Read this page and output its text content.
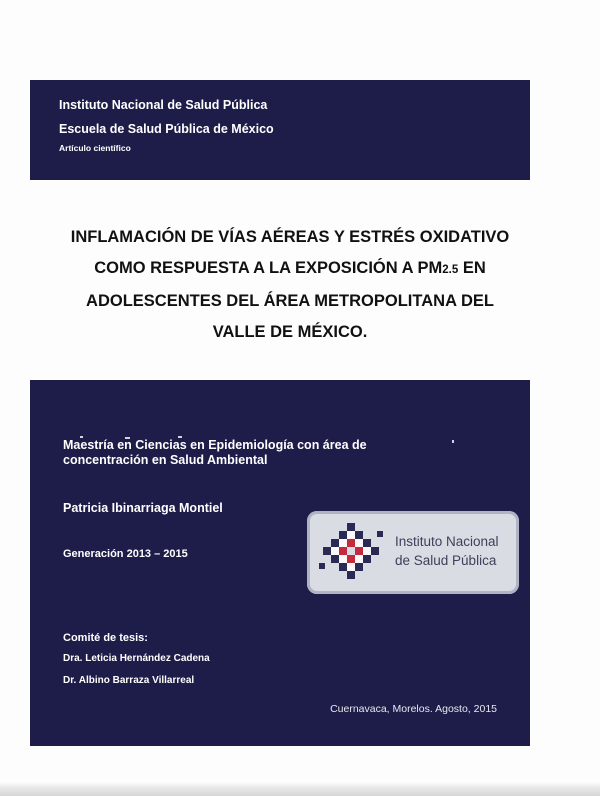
Instituto Nacional de Salud Pública
Escuela de Salud Pública de México
Artículo científico
INFLAMACIÓN DE VÍAS AÉREAS Y ESTRÉS OXIDATIVO
COMO RESPUESTA A LA EXPOSICIÓN A PM2.5 EN
ADOLESCENTES DEL ÁREA METROPOLITANA DEL
VALLE DE MÉXICO.
Maestría en Ciencias en Epidemiología con área de
concentración en Salud Ambiental
Patricia Ibinarriaga Montiel
Generación 2013 – 2015
Instituto Nacional
de Salud Pública
Comité de tesis:
Dra. Leticia Hernández Cadena
Dr. Albino Barraza Villarreal
Cuernavaca, Morelos. Agosto, 2015
